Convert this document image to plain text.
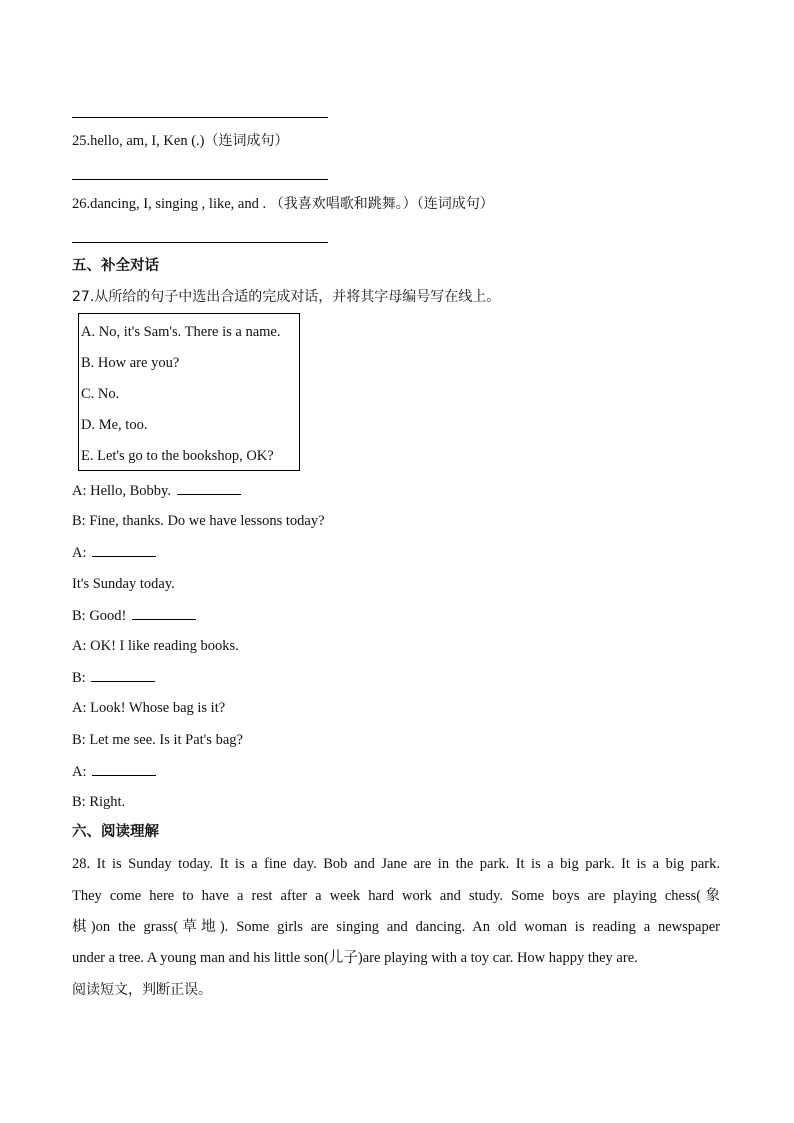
25.hello, am, I, Ken (.)（连词成句）
26.dancing, I, singing , like, and . （我喜欢唱歌和跳舞。）（连词成句）
五、补全对话
27.从所给的句子中选出合适的完成对话，并将其字母编号写在线上。
A. No, it's Sam's. There is a name.
B. How are you?
C. No.
D. Me, too.
E. Let's go to the bookshop, OK?
A: Hello, Bobby.
B: Fine, thanks. Do we have lessons today?
A:
It's Sunday today.
B: Good!
A: OK! I like reading books.
B:
A: Look! Whose bag is it?
B: Let me see. Is it Pat's bag?
A:
B: Right.
六、阅读理解
28. It is Sunday today. It is a fine day. Bob and Jane are in the park. It is a big park. It is a big park.
They come here to have a rest after a week hard work and study. Some boys are playing chess(象
棋)on the grass(草地). Some girls are singing and dancing. An old woman is reading a newspaper
under a tree. A young man and his little son(儿子)are playing with a toy car. How happy they are.
阅读短文，判断正误。
